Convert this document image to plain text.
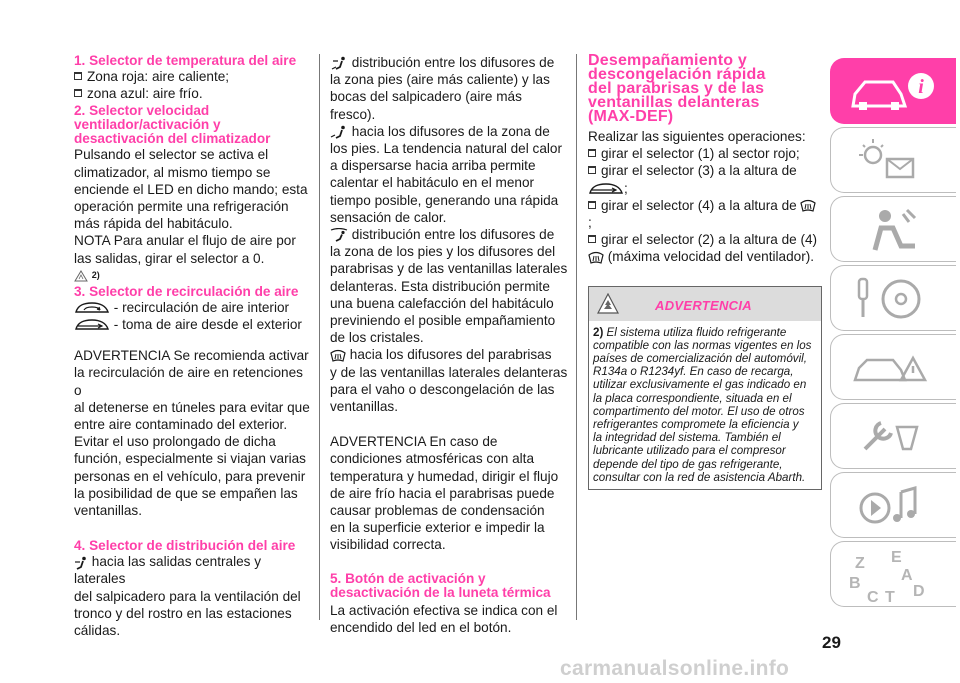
1. Selector de temperatura del aire

Zona roja: aire caliente;

zona azul: aire frío.

2. Selector velocidad
ventilador/activación y
desactivación del climatizador

Pulsando el selector se activa el
climatizador, al mismo tiempo se
enciende el LED en dicho mando; esta
operación permite una refrigeración
más rápida del habitáculo.
NOTA Para anular el flujo de aire por
las salidas, girar el selector a 0.

2)

3. Selector de recirculación de aire

- recirculación de aire interior

- toma de aire desde el exterior

ADVERTENCIA Se recomienda activar
la recirculación de aire en retenciones o
al detenerse en túneles para evitar que
entre aire contaminado del exterior.
Evitar el uso prolongado de dicha
función, especialmente si viajan varias
personas en el vehículo, para prevenir
la posibilidad de que se empañen las
ventanillas.

4. Selector de distribución del aire

hacia las salidas centrales y laterales
del salpicadero para la ventilación del
tronco y del rostro en las estaciones
cálidas.

distribución entre los difusores de
la zona pies (aire más caliente) y las
bocas del salpicadero (aire más fresco).

hacia los difusores de la zona de
los pies. La tendencia natural del calor
a dispersarse hacia arriba permite
calentar el habitáculo en el menor
tiempo posible, generando una rápida
sensación de calor.

distribución entre los difusores de
la zona de los pies y los difusores del
parabrisas y de las ventanillas laterales
delanteras. Esta distribución permite
una buena calefacción del habitáculo
previniendo el posible empañamiento
de los cristales.

hacia los difusores del parabrisas
y de las ventanillas laterales delanteras
para el vaho o descongelación de las
ventanillas.

ADVERTENCIA En caso de
condiciones atmosféricas con alta
temperatura y humedad, dirigir el flujo
de aire frío hacia el parabrisas puede
causar problemas de condensación
en la superficie exterior e impedir la
visibilidad correcta.

5. Botón de activación y
desactivación de la luneta térmica

La activación efectiva se indica con el
encendido del led en el botón.

Desempañamiento y
descongelación rápida
del parabrisas y de las
ventanillas delanteras
(MAX-DEF)

Realizar las siguientes operaciones:

girar el selector (1) al sector rojo;

girar el selector (3) a la altura de
;

girar el selector (4) a la altura de ;

girar el selector (2) a la altura de (4)
(máxima velocidad del ventilador).

ADVERTENCIA
2) El sistema utiliza fluido refrigerante
compatible con las normas vigentes en los
países de comercialización del automóvil,
R134a o R1234yf. En caso de recarga,
utilizar exclusivamente el gas indicado en
la placa correspondiente, situada en el
compartimento del motor. El uso de otros
refrigerantes compromete la eficiencia y
la integridad del sistema. También el
lubricante utilizado para el compresor
depende del tipo de gas refrigerante,
consultar con la red de asistencia Abarth.
i
Z E
A
B
C T D
29
carmanualsonline.info
